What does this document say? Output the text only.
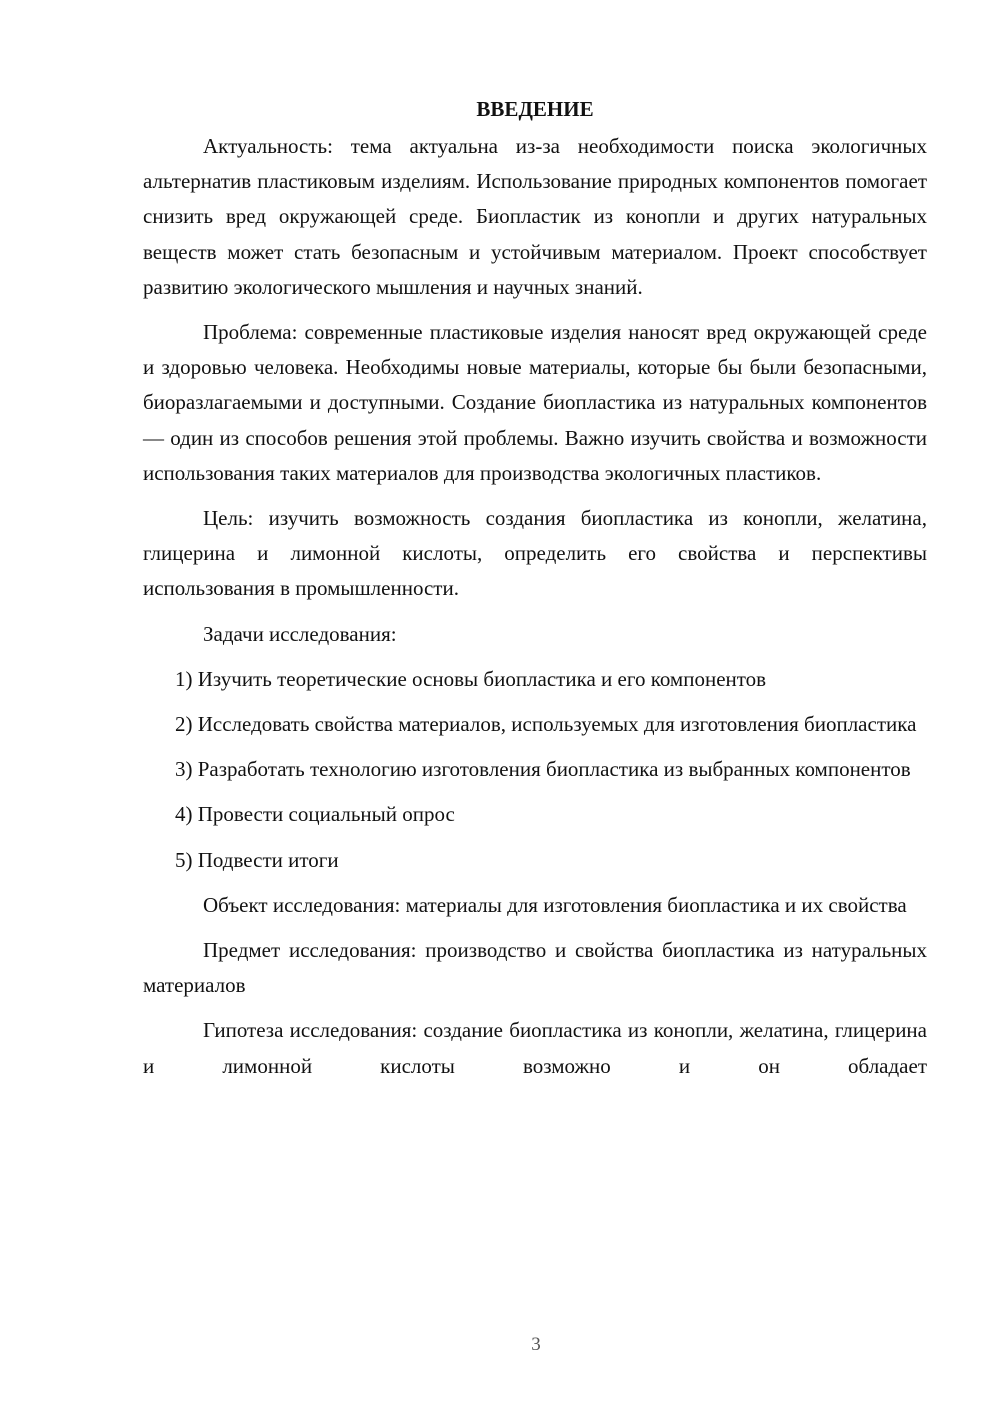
ВВЕДЕНИЕ

Актуальность: тема актуальна из-за необходимости поиска экологичных альтернатив пластиковым изделиям. Использование природных компонентов помогает снизить вред окружающей среде. Биопластик из конопли и других натуральных веществ может стать безопасным и устойчивым материалом. Проект способствует развитию экологического мышления и научных знаний.

Проблема: современные пластиковые изделия наносят вред окружающей среде и здоровью человека. Необходимы новые материалы, которые бы были безопасными, биоразлагаемыми и доступными. Создание биопластика из натуральных компонентов — один из способов решения этой проблемы. Важно изучить свойства и возможности использования таких материалов для производства экологичных пластиков.

Цель: изучить возможность создания биопластика из конопли, желатина, глицерина и лимонной кислоты, определить его свойства и перспективы использования в промышленности.

Задачи исследования:

1) Изучить теоретические основы биопластика и его компонентов

2) Исследовать свойства материалов, используемых для изготовления биопластика

3) Разработать технологию изготовления биопластика из выбранных компонентов

4) Провести социальный опрос

5) Подвести итоги

Объект исследования: материалы для изготовления биопластика и их свойства

Предмет исследования: производство и свойства биопластика из натуральных материалов

Гипотеза исследования: создание биопластика из конопли, желатина, глицерина и лимонной кислоты возможно и он обладает

3
